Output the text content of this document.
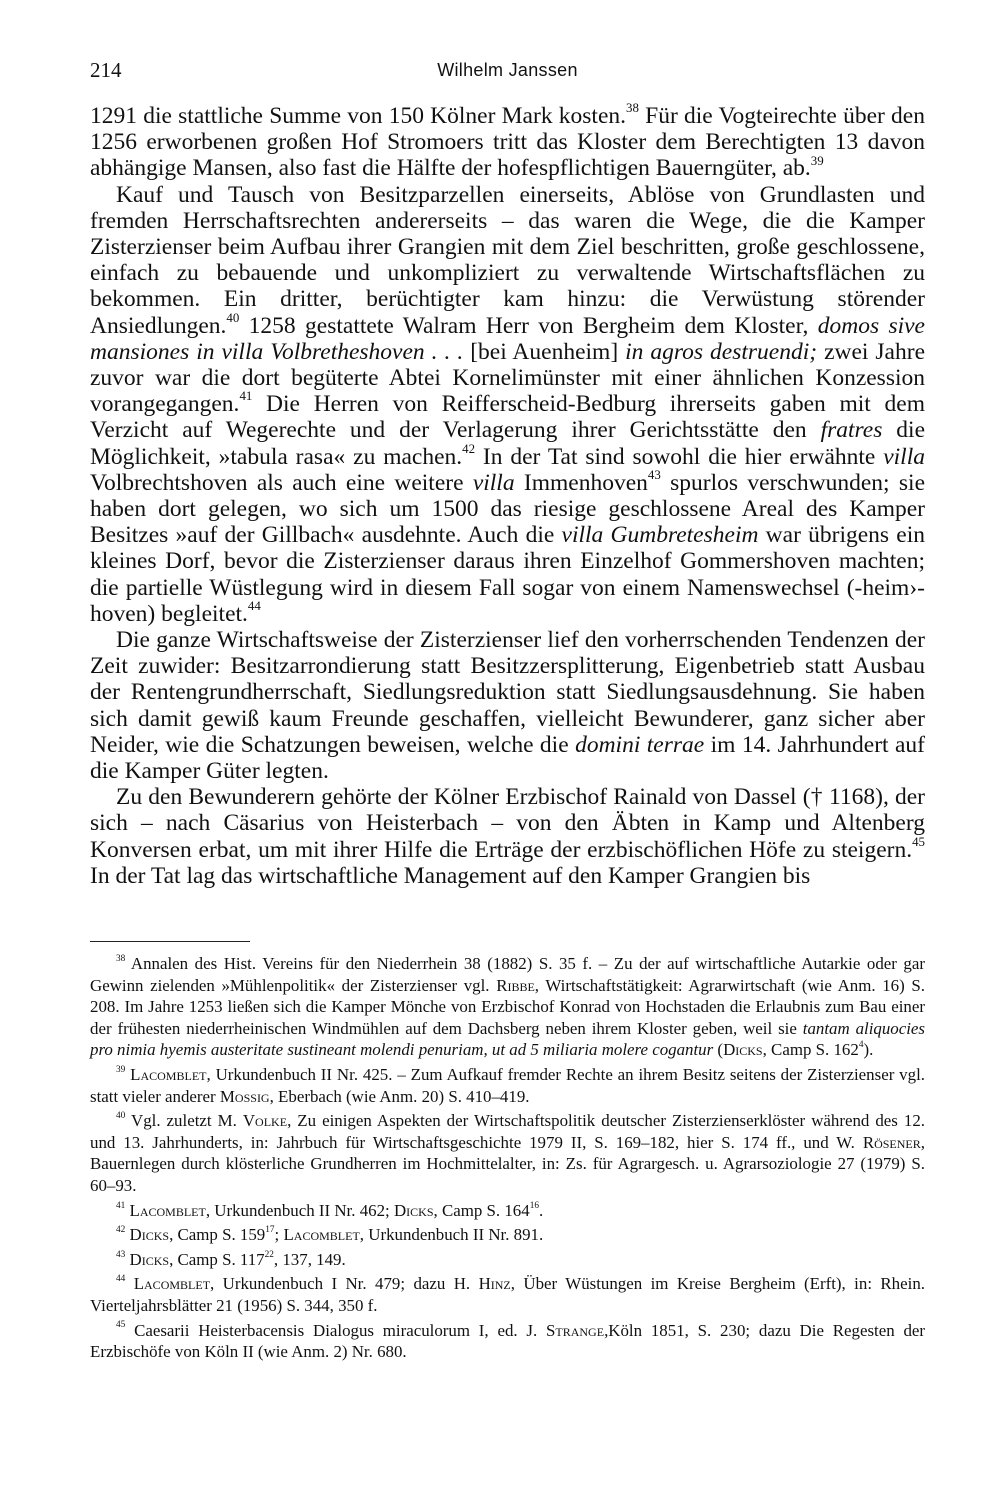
214	Wilhelm Janssen

1291 die stattliche Summe von 150 Kölner Mark kosten.$^{38}$ Für die Vogteirechte über den 1256 erworbenen großen Hof Stromoers tritt das Kloster dem Berechtigten 13 davon abhängige Mansen, also fast die Hälfte der hofespflichtigen Bauerngüter, ab.$^{39}$

Kauf und Tausch von Besitzparzellen einerseits, Ablöse von Grundlasten und fremden Herrschaftsrechten andererseits – das waren die Wege, die die Kamper Zisterzienser beim Aufbau ihrer Grangien mit dem Ziel beschritten, große geschlossene, einfach zu bebauende und unkompliziert zu verwaltende Wirtschaftsflächen zu bekommen. Ein dritter, berüchtigter kam hinzu: die Verwüstung störender Ansiedlungen.$^{40}$ 1258 gestattete Walram Herr von Bergheim dem Kloster, domos sive mansiones in villa Volbretheshoven . . . [bei Auenheim] in agros destruendi; zwei Jahre zuvor war die dort begüterte Abtei Kornelimünster mit einer ähnlichen Konzession vorangegangen.$^{41}$ Die Herren von Reifferscheid-Bedburg ihrerseits gaben mit dem Verzicht auf Wegerechte und der Verlagerung ihrer Gerichtsstätte den fratres die Möglichkeit, »tabula rasa« zu machen.$^{42}$ In der Tat sind sowohl die hier erwähnte villa Volbrechtshoven als auch eine weitere villa Immenhoven$^{43}$ spurlos verschwunden; sie haben dort gelegen, wo sich um 1500 das riesige geschlossene Areal des Kamper Besitzes »auf der Gillbach« ausdehnte. Auch die villa Gumbretesheim war übrigens ein kleines Dorf, bevor die Zisterzienser daraus ihren Einzelhof Gommershoven machten; die partielle Wüstlegung wird in diesem Fall sogar von einem Namenswechsel (-heim›-hoven) begleitet.$^{44}$

Die ganze Wirtschaftsweise der Zisterzienser lief den vorherrschenden Tendenzen der Zeit zuwider: Besitzarrondierung statt Besitzzersplitterung, Eigenbetrieb statt Ausbau der Rentengrundherrschaft, Siedlungsreduktion statt Siedlungsausdehnung. Sie haben sich damit gewiß kaum Freunde geschaffen, vielleicht Bewunderer, ganz sicher aber Neider, wie die Schatzungen beweisen, welche die domini terrae im 14. Jahrhundert auf die Kamper Güter legten.

Zu den Bewunderern gehörte der Kölner Erzbischof Rainald von Dassel († 1168), der sich – nach Cäsarius von Heisterbach – von den Äbten in Kamp und Altenberg Konversen erbat, um mit ihrer Hilfe die Erträge der erzbischöflichen Höfe zu steigern.$^{45}$ In der Tat lag das wirtschaftliche Management auf den Kamper Grangien bis

$^{38}$ Annalen des Hist. Vereins für den Niederrhein 38 (1882) S. 35 f. – Zu der auf wirtschaftliche Autarkie oder gar Gewinn zielenden »Mühlenpolitik« der Zisterzienser vgl. Ribbe, Wirtschaftstätigkeit: Agrarwirtschaft (wie Anm. 16) S. 208. Im Jahre 1253 ließen sich die Kamper Mönche von Erzbischof Konrad von Hochstaden die Erlaubnis zum Bau einer der frühesten niederrheinischen Windmühlen auf dem Dachsberg neben ihrem Kloster geben, weil sie tantam aliquocies pro nimia hyemis austeritate sustineant molendi penuriam, ut ad 5 miliaria molere cogantur (Dicks, Camp S. $162^4$).

$^{39}$ Lacomblet, Urkundenbuch II Nr. 425. – Zum Aufkauf fremder Rechte an ihrem Besitz seitens der Zisterzienser vgl. statt vieler anderer Mossig, Eberbach (wie Anm. 20) S. 410–419.

$^{40}$ Vgl. zuletzt M. Volke, Zu einigen Aspekten der Wirtschaftspolitik deutscher Zisterzienserklöster während des 12. und 13. Jahrhunderts, in: Jahrbuch für Wirtschaftsgeschichte 1979 II, S. 169–182, hier S. 174 ff., und W. Rösener, Bauernlegen durch klösterliche Grundherren im Hochmittelalter, in: Zs. für Agrargesch. u. Agrarsoziologie 27 (1979) S. 60–93.

$^{41}$ Lacomblet, Urkundenbuch II Nr. 462; Dicks, Camp S. $164^{16}$.

$^{42}$ Dicks, Camp S. $159^{17}$; Lacomblet, Urkundenbuch II Nr. 891.

$^{43}$ Dicks, Camp S. $117^{22}$, 137, 149.

$^{44}$ Lacomblet, Urkundenbuch I Nr. 479; dazu H. Hinz, Über Wüstungen im Kreise Bergheim (Erft), in: Rhein. Vierteljahrsblätter 21 (1956) S. 344, 350 f.

$^{45}$ Caesarii Heisterbacensis Dialogus miraculorum I, ed. J. Strange,Köln 1851, S. 230; dazu Die Regesten der Erzbischöfe von Köln II (wie Anm. 2) Nr. 680.
